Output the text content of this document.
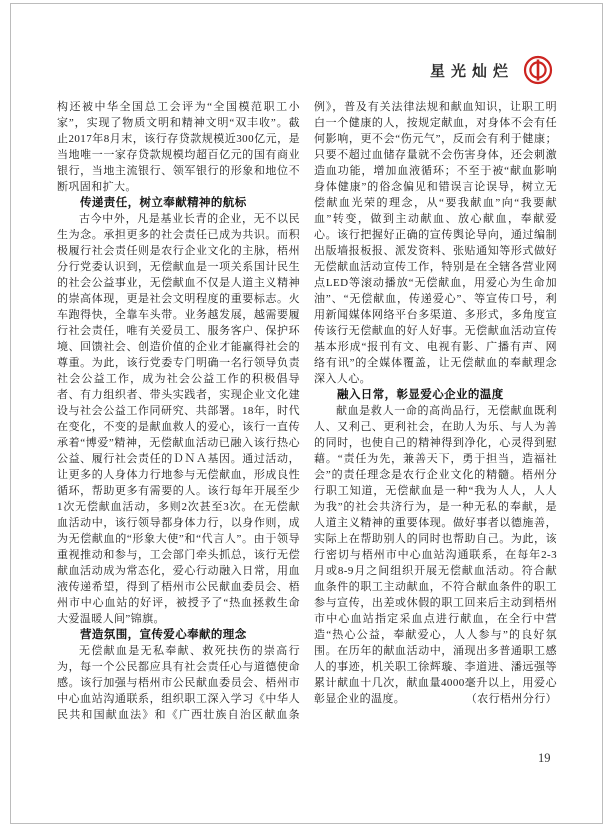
星光灿烂

构还被中华全国总工会评为“全国模范职工小家”，实现了物质文明和精神文明“双丰收”。截止2017年8月末，该行存贷款规模近300亿元，是当地唯一一家存贷款规模均超百亿元的国有商业银行，当地主流银行、领军银行的形象和地位不断巩固和扩大。

传递责任，树立奉献精神的航标

古今中外，凡是基业长青的企业，无不以民生为念。承担更多的社会责任已成为共识。而积极履行社会责任则是农行企业文化的主脉，梧州分行党委认识到，无偿献血是一项关系国计民生的社会公益事业，无偿献血不仅是人道主义精神的崇高体现，更是社会文明程度的重要标志。火车跑得快，全靠车头带。业务越发展，越需要履行社会责任，唯有关爱员工、服务客户、保护环境、回馈社会、创造价值的企业才能赢得社会的尊重。为此，该行党委专门明确一名行领导负责社会公益工作，成为社会公益工作的积极倡导者、有力组织者、带头实践者，实现企业文化建设与社会公益工作同研究、共部署。18年，时代在变化，不变的是献血救人的爱心，该行一直传承着“博爱”精神，无偿献血活动已融入该行热心公益、履行社会责任的ＤＮＡ基因。通过活动，让更多的人身体力行地参与无偿献血，形成良性循环，帮助更多有需要的人。该行每年开展至少1次无偿献血活动，多则2次甚至3次。在无偿献血活动中，该行领导都身体力行，以身作则，成为无偿献血的“形象大使”和“代言人”。由于领导重视推动和参与，工会部门牵头抓总，该行无偿献血活动成为常态化，爱心行动融入日常，用血液传递希望，得到了梧州市公民献血委员会、梧州市中心血站的好评，被授予了“热血拯救生命　大爱温暖人间”锦旗。

营造氛围，宣传爱心奉献的理念

无偿献血是无私奉献、救死扶伤的崇高行为，每一个公民都应具有社会责任心与道德使命感。该行加强与梧州市公民献血委员会、梧州市中心血站沟通联系，组织职工深入学习《中华人民共和国献血法》和《广西壮族自治区献血条例》，普及有关法律法规和献血知识，让职工明白一个健康的人，按规定献血，对身体不会有任何影响，更不会“伤元气”，反而会有利于健康；只要不超过血储存量就不会伤害身体，还会刺激造血功能，增加血液循环；不至于被“献血影响身体健康”的俗念偏见和错误言论误导，树立无偿献血光荣的理念，从“要我献血”向“我要献血”转变，做到主动献血、放心献血，奉献爱心。该行把握好正确的宣传舆论导向，通过编制出版墙报板报、派发资料、张贴通知等形式做好无偿献血活动宣传工作，特别是在全辖各营业网点LED等滚动播放“无偿献血，用爱心为生命加油”、“无偿献血，传递爱心”、等宣传口号，利用新闻媒体网络平台多渠道、多形式，多角度宣传该行无偿献血的好人好事。无偿献血活动宣传基本形成“报刊有文、电视有影、广播有声、网络有讯”的全媒体覆盖，让无偿献血的奉献理念深入人心。

融入日常，彰显爱心企业的温度

献血是救人一命的高尚品行，无偿献血既利人、又利己、更利社会，在助人为乐、与人为善的同时，也使自己的精神得到净化，心灵得到慰藉。“责任为先，兼善天下，勇于担当，造福社会”的责任理念是农行企业文化的精髓。梧州分行职工知道，无偿献血是一种“我为人人，人人为我”的社会共济行为，是一种无私的奉献，是人道主义精神的重要体现。做好事者以德施善，实际上在帮助别人的同时也帮助自己。为此，该行密切与梧州市中心血站沟通联系，在每年2-3月或8-9月之间组织开展无偿献血活动。符合献血条件的职工主动献血，不符合献血条件的职工参与宣传，出差或休假的职工回来后主动到梧州市中心血站指定采血点进行献血，在全行中营造“热心公益，奉献爱心，人人参与”的良好氛围。在历年的献血活动中，涌现出多普通职工感人的事迹，机关职工徐辉璇、李道进、潘远强等累计献血十几次，献血量4000毫升以上，用爱心彰显企业的温度。	（农行梧州分行）

19
